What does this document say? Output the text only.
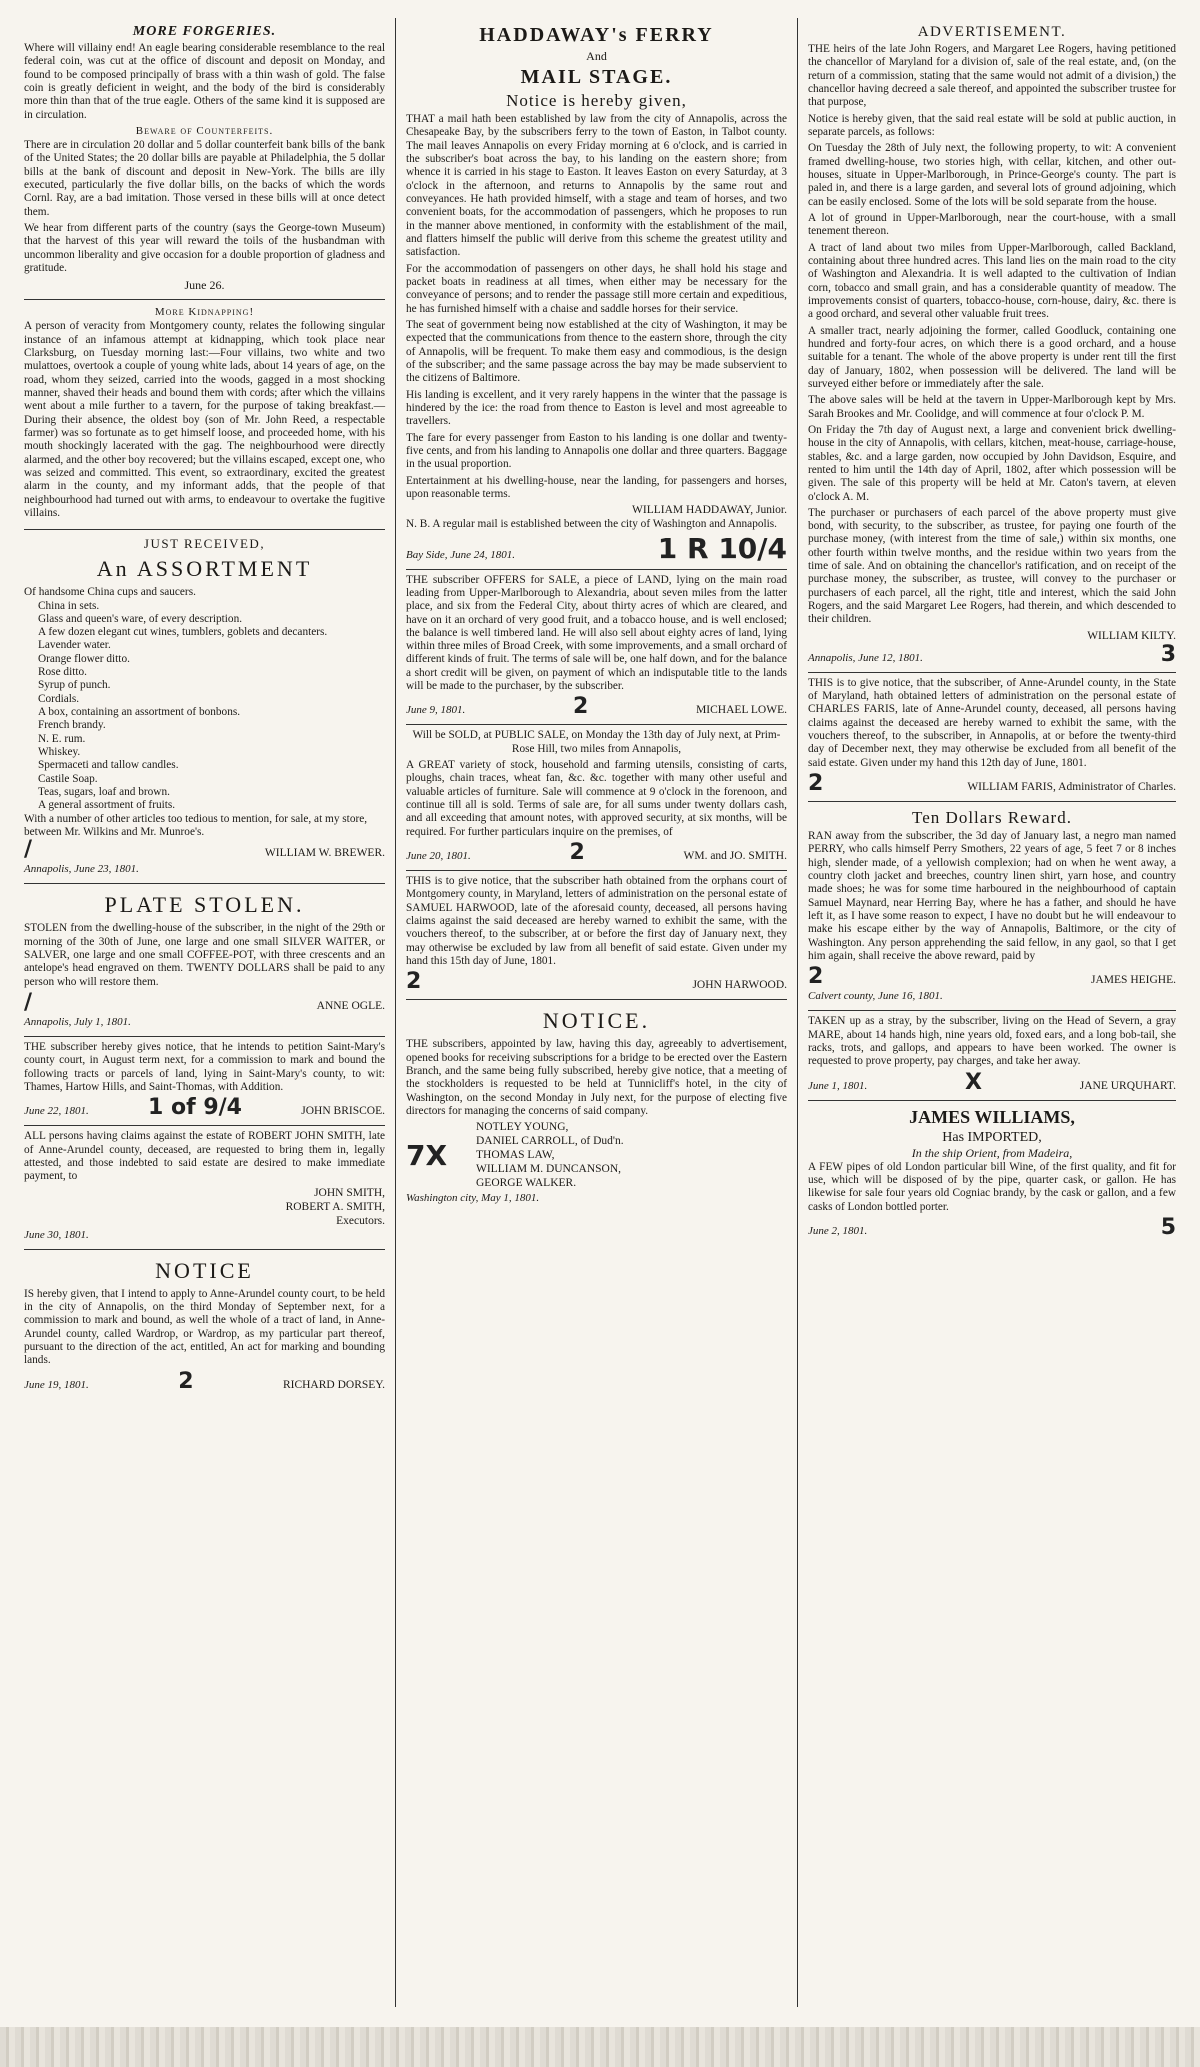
MORE FORGERIES.

Where will villainy end! An eagle bearing considerable resemblance to the real federal coin, was cut at the office of discount and deposit on Monday, and found to be composed principally of brass with a thin wash of gold. The false coin is greatly deficient in weight, and the body of the bird is considerably more thin than that of the true eagle. Others of the same kind it is supposed are in circulation.

Beware of Counterfeits.

There are in circulation 20 dollar and 5 dollar counterfeit bank bills of the bank of the United States; the 20 dollar bills are payable at Philadelphia, the 5 dollar bills at the bank of discount and deposit in New-York. The bills are illy executed, particularly the five dollar bills, on the backs of which the words Cornl. Ray, are a bad imitation. Those versed in these bills will at once detect them.

We hear from different parts of the country (says the George-town Museum) that the harvest of this year will reward the toils of the husbandman with uncommon liberality and give occasion for a double proportion of gladness and gratitude.

June 26.
More Kidnapping!

A person of veracity from Montgomery county, relates the following singular instance of an infamous attempt at kidnapping, which took place near Clarksburg, on Tuesday morning last:—Four villains, two white and two mulattoes, overtook a couple of young white lads, about 14 years of age, on the road, whom they seized, carried into the woods, gagged in a most shocking manner, shaved their heads and bound them with cords; after which the villains went about a mile further to a tavern, for the purpose of taking breakfast.—During their absence, the oldest boy (son of Mr. John Reed, a respectable farmer) was so fortunate as to get himself loose, and proceeded home, with his mouth shockingly lacerated with the gag. The neighbourhood were directly alarmed, and the other boy recovered; but the villains escaped, except one, who was seized and committed. This event, so extraordinary, excited the greatest alarm in the county, and my informant adds, that the people of that neighbourhood had turned out with arms, to endeavour to overtake the fugitive villains.

JUST RECEIVED,
An ASSORTMENT
Of handsome China cups and saucers.
China in sets.
Glass and queen's ware, of every description.
A few dozen elegant cut wines, tumblers, goblets and decanters.
Lavender water.
Orange flower ditto.
Rose ditto.
Syrup of punch.
Cordials.
A box, containing an assortment of bonbons.
French brandy.
N. E. rum.
Whiskey.
Spermaceti and tallow candles.
Castile Soap.
Teas, sugars, loaf and brown.
A general assortment of fruits.
With a number of other articles too tedious to mention, for sale, at my store, between Mr. Wilkins and Mr. Munroe's.
/	WILLIAM W. BREWER.
Annapolis, June 23, 1801.
PLATE STOLEN.

STOLEN from the dwelling-house of the subscriber, in the night of the 29th or morning of the 30th of June, one large and one small SILVER WAITER, or SALVER, one large and one small COFFEE-POT, with three crescents and an antelope's head engraved on them. TWENTY DOLLARS shall be paid to any person who will restore them.

/	ANNE OGLE.
Annapolis, July 1, 1801.

THE subscriber hereby gives notice, that he intends to petition Saint-Mary's county court, in August term next, for a commission to mark and bound the following tracts or parcels of land, lying in Saint-Mary's county, to wit: Thames, Hartow Hills, and Saint-Thomas, with Addition.

June 22, 1801.	1 of 9/4	JOHN BRISCOE.

ALL persons having claims against the estate of ROBERT JOHN SMITH, late of Anne-Arundel county, deceased, are requested to bring them in, legally attested, and those indebted to said estate are desired to make immediate payment, to

JOHN SMITH,
ROBERT A. SMITH,
Executors.
June 30, 1801.
NOTICE

IS hereby given, that I intend to apply to Anne-Arundel county court, to be held in the city of Annapolis, on the third Monday of September next, for a commission to mark and bound, as well the whole of a tract of land, in Anne-Arundel county, called Wardrop, or Wardrop, as my particular part thereof, pursuant to the direction of the act, entitled, An act for marking and bounding lands.

June 19, 1801.	2	RICHARD DORSEY.
HADDAWAY's FERRY
And
MAIL STAGE.
Notice is hereby given,

THAT a mail hath been established by law from the city of Annapolis, across the Chesapeake Bay, by the subscribers ferry to the town of Easton, in Talbot county. The mail leaves Annapolis on every Friday morning at 6 o'clock, and is carried in the subscriber's boat across the bay, to his landing on the eastern shore; from whence it is carried in his stage to Easton. It leaves Easton on every Saturday, at 3 o'clock in the afternoon, and returns to Annapolis by the same rout and conveyances. He hath provided himself, with a stage and team of horses, and two convenient boats, for the accommodation of passengers, which he proposes to run in the manner above mentioned, in conformity with the establishment of the mail, and flatters himself the public will derive from this scheme the greatest utility and satisfaction.

For the accommodation of passengers on other days, he shall hold his stage and packet boats in readiness at all times, when either may be necessary for the conveyance of persons; and to render the passage still more certain and expeditious, he has furnished himself with a chaise and saddle horses for their service.

The seat of government being now established at the city of Washington, it may be expected that the communications from thence to the eastern shore, through the city of Annapolis, will be frequent. To make them easy and commodious, is the design of the subscriber; and the same passage across the bay may be made subservient to the citizens of Baltimore.

His landing is excellent, and it very rarely happens in the winter that the passage is hindered by the ice: the road from thence to Easton is level and most agreeable to travellers.

The fare for every passenger from Easton to his landing is one dollar and twenty-five cents, and from his landing to Annapolis one dollar and three quarters. Baggage in the usual proportion.

Entertainment at his dwelling-house, near the landing, for passengers and horses, upon reasonable terms.

WILLIAM HADDAWAY, Junior.

N. B. A regular mail is established between the city of Washington and Annapolis.

Bay Side, June 24, 1801.	1 R 10/4

THE subscriber OFFERS for SALE, a piece of LAND, lying on the main road leading from Upper-Marlborough to Alexandria, about seven miles from the latter place, and six from the Federal City, about thirty acres of which are cleared, and have on it an orchard of very good fruit, and a tobacco house, and is well enclosed; the balance is well timbered land. He will also sell about eighty acres of land, lying within three miles of Broad Creek, with some improvements, and a small orchard of different kinds of fruit. The terms of sale will be, one half down, and for the balance a short credit will be given, on payment of which an indisputable title to the lands will be made to the purchaser, by the subscriber.

June 9, 1801.	2	MICHAEL LOWE.

Will be SOLD, at PUBLIC SALE, on Monday the 13th day of July next, at Prim-Rose Hill, two miles from Annapolis,

A GREAT variety of stock, household and farming utensils, consisting of carts, ploughs, chain traces, wheat fan, &c. &c. together with many other useful and valuable articles of furniture. Sale will commence at 9 o'clock in the forenoon, and continue till all is sold. Terms of sale are, for all sums under twenty dollars cash, and all exceeding that amount notes, with approved security, at six months, will be required. For further particulars inquire on the premises, of

June 20, 1801.	2	WM. and JO. SMITH.

THIS is to give notice, that the subscriber hath obtained from the orphans court of Montgomery county, in Maryland, letters of administration on the personal estate of SAMUEL HARWOOD, late of the aforesaid county, deceased, all persons having claims against the said deceased are hereby warned to exhibit the same, with the vouchers thereof, to the subscriber, at or before the first day of January next, they may otherwise be excluded by law from all benefit of said estate. Given under my hand this 15th day of June, 1801.

2	JOHN HARWOOD.
NOTICE.

THE subscribers, appointed by law, having this day, agreeably to advertisement, opened books for receiving subscriptions for a bridge to be erected over the Eastern Branch, and the same being fully subscribed, hereby give notice, that a meeting of the stockholders is requested to be held at Tunnicliff's hotel, in the city of Washington, on the second Monday in July next, for the purpose of electing five directors for managing the concerns of said company.

7X
NOTLEY YOUNG,
DANIEL CARROLL, of Dud'n.
THOMAS LAW,
WILLIAM M. DUNCANSON,
GEORGE WALKER.
Washington city, May 1, 1801.
ADVERTISEMENT.

THE heirs of the late John Rogers, and Margaret Lee Rogers, having petitioned the chancellor of Maryland for a division of, sale of the real estate, and, (on the return of a commission, stating that the same would not admit of a division,) the chancellor having decreed a sale thereof, and appointed the subscriber trustee for that purpose,

Notice is hereby given, that the said real estate will be sold at public auction, in separate parcels, as follows:

On Tuesday the 28th of July next, the following property, to wit: A convenient framed dwelling-house, two stories high, with cellar, kitchen, and other out-houses, situate in Upper-Marlborough, in Prince-George's county. The part is paled in, and there is a large garden, and several lots of ground adjoining, which can be easily enclosed. Some of the lots will be sold separate from the house.

A lot of ground in Upper-Marlborough, near the court-house, with a small tenement thereon.

A tract of land about two miles from Upper-Marlborough, called Backland, containing about three hundred acres. This land lies on the main road to the city of Washington and Alexandria. It is well adapted to the cultivation of Indian corn, tobacco and small grain, and has a considerable quantity of meadow. The improvements consist of quarters, tobacco-house, corn-house, dairy, &c. there is a good orchard, and several other valuable fruit trees.

A smaller tract, nearly adjoining the former, called Goodluck, containing one hundred and forty-four acres, on which there is a good orchard, and a house suitable for a tenant. The whole of the above property is under rent till the first day of January, 1802, when possession will be delivered. The land will be surveyed either before or immediately after the sale.

The above sales will be held at the tavern in Upper-Marlborough kept by Mrs. Sarah Brookes and Mr. Coolidge, and will commence at four o'clock P. M.

On Friday the 7th day of August next, a large and convenient brick dwelling-house in the city of Annapolis, with cellars, kitchen, meat-house, carriage-house, stables, &c. and a large garden, now occupied by John Davidson, Esquire, and rented to him until the 14th day of April, 1802, after which possession will be given. The sale of this property will be held at Mr. Caton's tavern, at eleven o'clock A. M.

The purchaser or purchasers of each parcel of the above property must give bond, with security, to the subscriber, as trustee, for paying one fourth of the purchase money, (with interest from the time of sale,) within six months, one other fourth within twelve months, and the residue within two years from the time of sale. And on obtaining the chancellor's ratification, and on receipt of the purchase money, the subscriber, as trustee, will convey to the purchaser or purchasers of each parcel, all the right, title and interest, which the said John Rogers, and the said Margaret Lee Rogers, had therein, and which descended to their children.

WILLIAM KILTY.
Annapolis, June 12, 1801.	3

THIS is to give notice, that the subscriber, of Anne-Arundel county, in the State of Maryland, hath obtained letters of administration on the personal estate of CHARLES FARIS, late of Anne-Arundel county, deceased, all persons having claims against the deceased are hereby warned to exhibit the same, with the vouchers thereof, to the subscriber, in Annapolis, at or before the twenty-third day of December next, they may otherwise be excluded from all benefit of the said estate. Given under my hand this 12th day of June, 1801.

2	WILLIAM FARIS, Administrator of Charles.
Ten Dollars Reward.

RAN away from the subscriber, the 3d day of January last, a negro man named PERRY, who calls himself Perry Smothers, 22 years of age, 5 feet 7 or 8 inches high, slender made, of a yellowish complexion; had on when he went away, a country cloth jacket and breeches, country linen shirt, yarn hose, and country made shoes; he was for some time harboured in the neighbourhood of captain Samuel Maynard, near Herring Bay, where he has a father, and should he have left it, as I have some reason to expect, I have no doubt but he will endeavour to make his escape either by the way of Annapolis, Baltimore, or the city of Washington. Any person apprehending the said fellow, in any gaol, so that I get him again, shall receive the above reward, paid by

2	JAMES HEIGHE.
Calvert county, June 16, 1801.

TAKEN up as a stray, by the subscriber, living on the Head of Severn, a gray MARE, about 14 hands high, nine years old, foxed ears, and a long bob-tail, she racks, trots, and gallops, and appears to have been worked. The owner is requested to prove property, pay charges, and take her away.

June 1, 1801.	X	JANE URQUHART.
JAMES WILLIAMS,
Has IMPORTED,
In the ship Orient, from Madeira,

A FEW pipes of old London particular bill Wine, of the first quality, and fit for use, which will be disposed of by the pipe, quarter cask, or gallon. He has likewise for sale four years old Cogniac brandy, by the cask or gallon, and a few casks of London bottled porter.

June 2, 1801.	5
